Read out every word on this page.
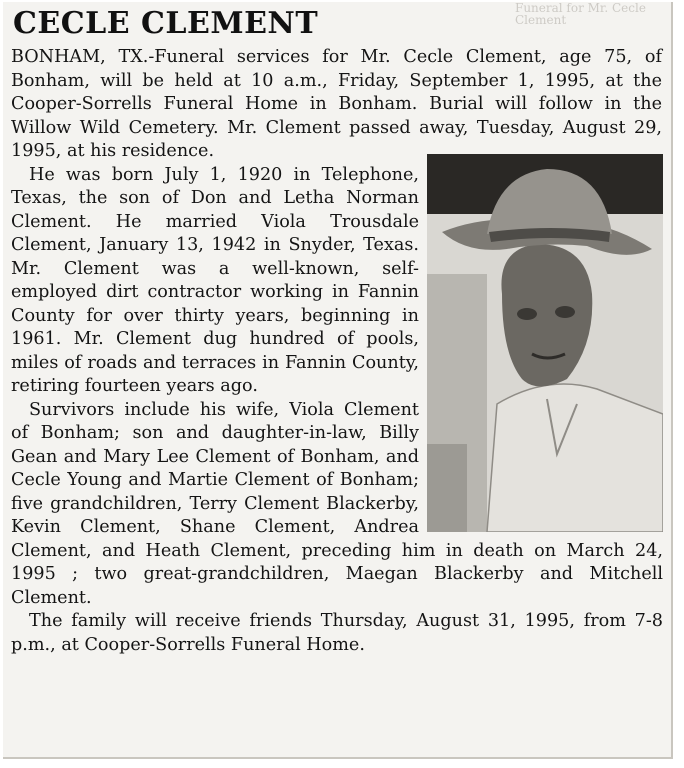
CECLE CLEMENT	Funeral for Mr. Cecle Clement

BONHAM, TX.-Funeral services for Mr. Cecle Clement, age 75, of Bonham, will be held at 10 a.m., Friday, September 1, 1995, at the Cooper-Sorrells Funeral Home in Bonham. Burial will follow in the Willow Wild Cemetery. Mr. Clement passed away, Tuesday, August 29, 1995, at his residence.

He was born July 1, 1920 in Telephone, Texas, the son of Don and Letha Norman Clement. He married Viola Trousdale Clement, January 13, 1942 in Snyder, Texas. Mr. Clement was a well-known, self-employed dirt contractor working in Fannin County for over thirty years, beginning in 1961. Mr. Clement dug hundred of pools, miles of roads and terraces in Fannin County, retiring fourteen years ago.

Survivors include his wife, Viola Clement of Bonham; son and daughter-in-law, Billy Gean and Mary Lee Clement of Bonham, and Cecle Young and Martie Clement of Bonham; five grandchildren, Terry Clement Blackerby, Kevin Clement, Shane Clement, Andrea Clement, and Heath Clement, preceding him in death on March 24, 1995 ; two great-grandchildren, Maegan Blackerby and Mitchell Clement.

The family will receive friends Thursday, August 31, 1995, from 7-8 p.m., at Cooper-Sorrells Funeral Home.
